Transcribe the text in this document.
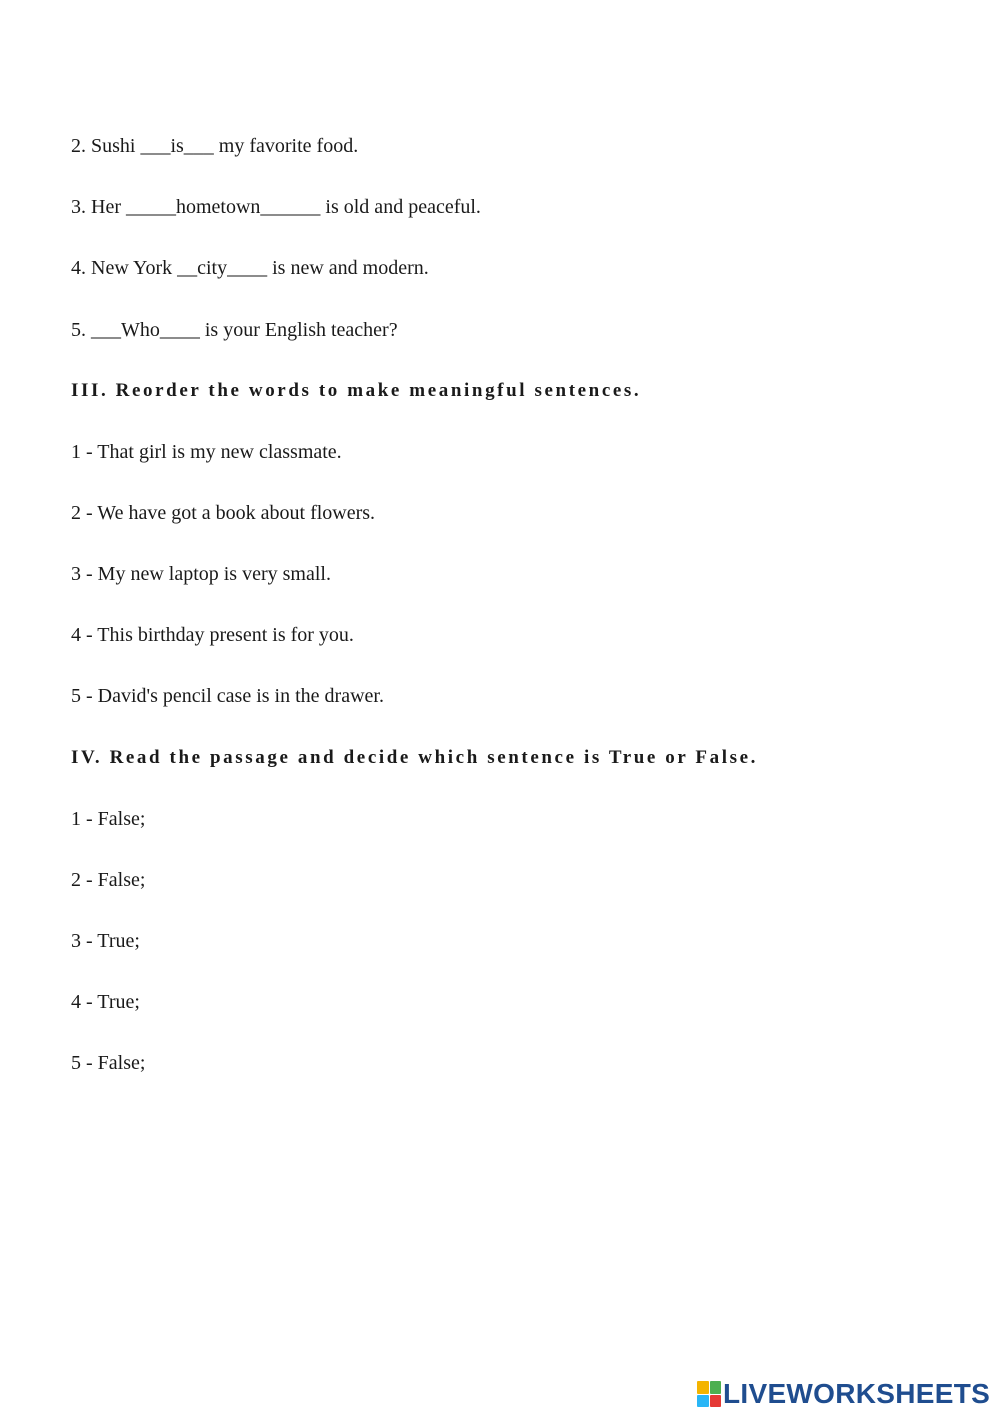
2. Sushi ___is___ my favorite food.
3. Her _____hometown______ is old and peaceful.
4. New York __city____ is new and modern.
5. ___Who____ is your English teacher?
III. Reorder the words to make meaningful sentences.
1 - That girl is my new classmate.
2 - We have got a book about flowers.
3 - My new laptop is very small.
4 - This birthday present is for you.
5 - David's pencil case is in the drawer.
IV. Read the passage and decide which sentence is True or False.
1 - False;
2 - False;
3 - True;
4 - True;
5 - False;
LIVEWORKSHEETS
